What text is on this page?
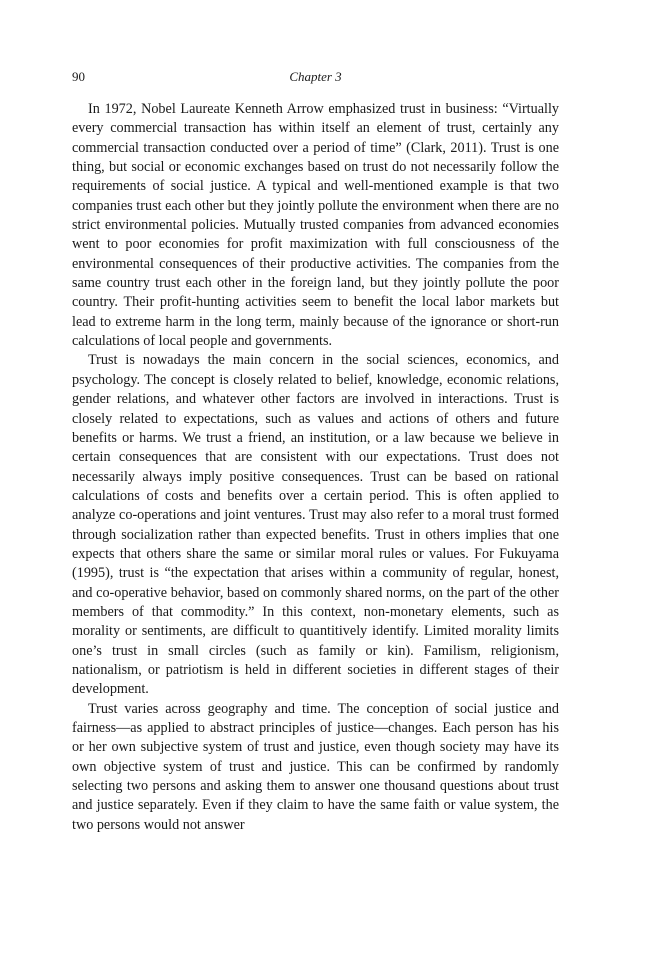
90	Chapter 3

In 1972, Nobel Laureate Kenneth Arrow emphasized trust in business: “Virtually every commercial transaction has within itself an element of trust, certainly any commercial transaction conducted over a period of time” (Clark, 2011). Trust is one thing, but social or economic exchanges based on trust do not necessarily follow the requirements of social justice. A typical and well-mentioned example is that two companies trust each other but they jointly pollute the environment when there are no strict environmental policies. Mutually trusted companies from advanced economies went to poor economies for profit maximization with full consciousness of the environmental consequences of their productive activities. The companies from the same country trust each other in the foreign land, but they jointly pollute the poor country. Their profit-hunting activities seem to benefit the local labor markets but lead to extreme harm in the long term, mainly because of the ignorance or short-run calculations of local people and governments.

Trust is nowadays the main concern in the social sciences, economics, and psychology. The concept is closely related to belief, knowledge, economic relations, gender relations, and whatever other factors are involved in interactions. Trust is closely related to expectations, such as values and actions of others and future benefits or harms. We trust a friend, an institution, or a law because we believe in certain consequences that are consistent with our expectations. Trust does not necessarily always imply positive consequences. Trust can be based on rational calculations of costs and benefits over a certain period. This is often applied to analyze co-operations and joint ventures. Trust may also refer to a moral trust formed through socialization rather than expected benefits. Trust in others implies that one expects that others share the same or similar moral rules or values. For Fukuyama (1995), trust is “the expectation that arises within a community of regular, honest, and co-operative behavior, based on commonly shared norms, on the part of the other members of that commodity.” In this context, non-monetary elements, such as morality or sentiments, are difficult to quantitively identify. Limited morality limits one’s trust in small circles (such as family or kin). Familism, religionism, nationalism, or patriotism is held in different societies in different stages of their development.

Trust varies across geography and time. The conception of social justice and fairness—as applied to abstract principles of justice—changes. Each person has his or her own subjective system of trust and justice, even though society may have its own objective system of trust and justice. This can be confirmed by randomly selecting two persons and asking them to answer one thousand questions about trust and justice separately. Even if they claim to have the same faith or value system, the two persons would not answer
